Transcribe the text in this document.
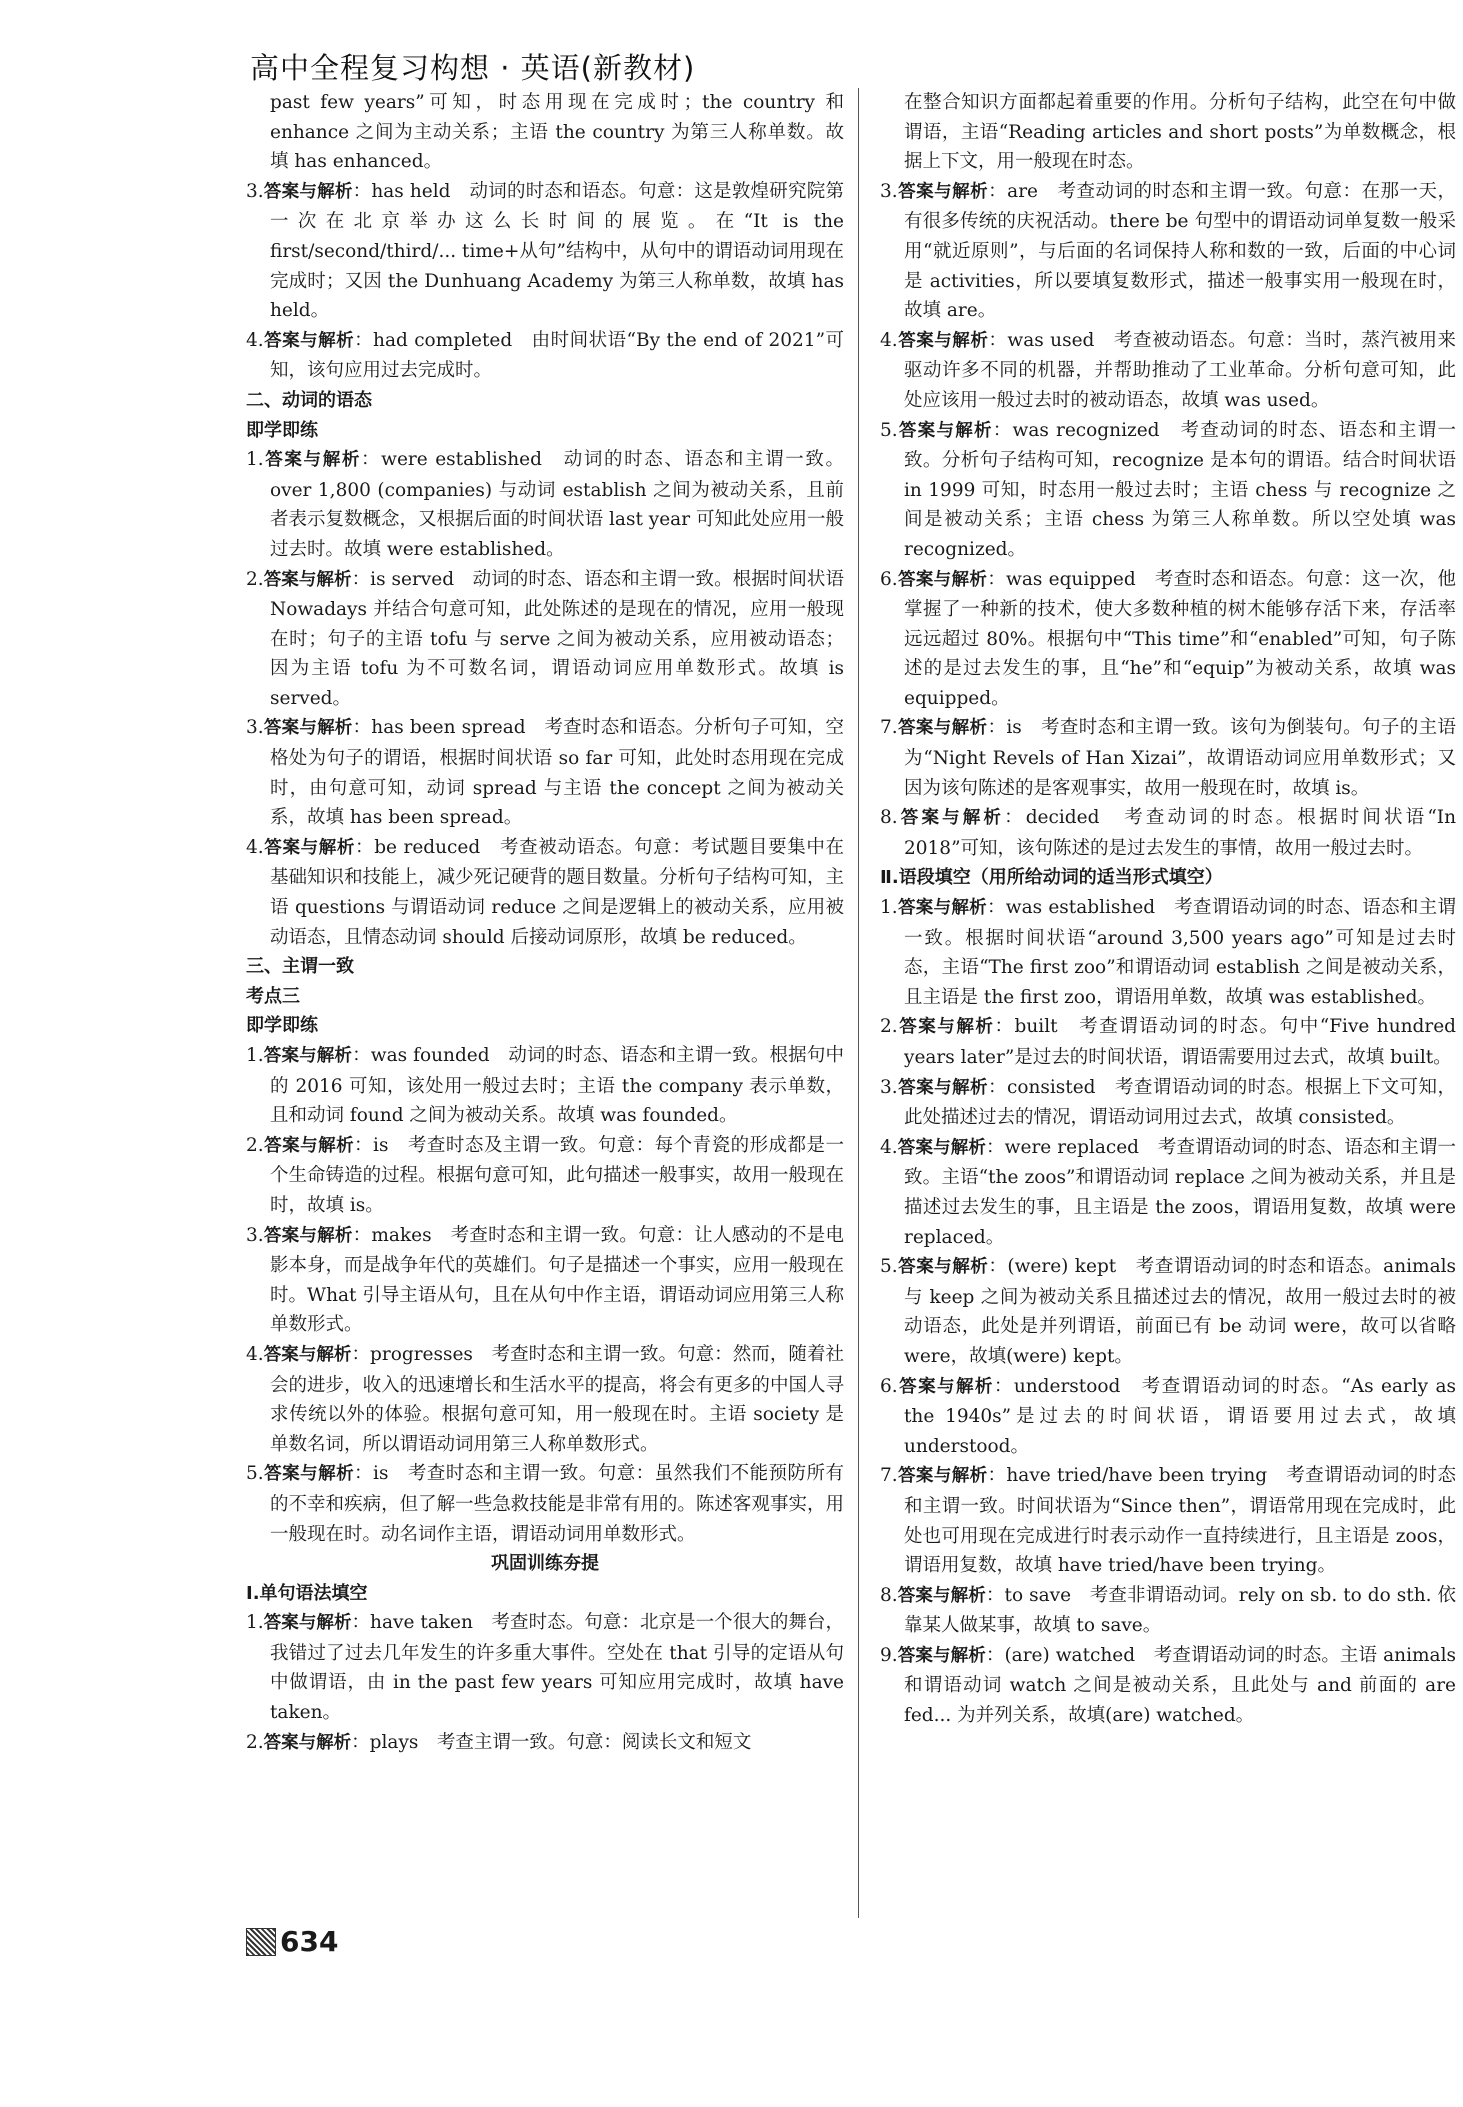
高中全程复习构想 · 英语(新教材)

past few years”可知，时态用现在完成时；the country 和 enhance 之间为主动关系；主语 the country 为第三人称单数。故填 has enhanced。

3.答案与解析：has held　动词的时态和语态。句意：这是敦煌研究院第一次在北京举办这么长时间的展览。在“It is the first/second/third/... time+从句”结构中，从句中的谓语动词用现在完成时；又因 the Dunhuang Academy 为第三人称单数，故填 has held。

4.答案与解析：had completed　由时间状语“By the end of 2021”可知，该句应用过去完成时。

二、动词的语态

即学即练

1.答案与解析：were established　动词的时态、语态和主谓一致。over 1,800 (companies) 与动词 establish 之间为被动关系，且前者表示复数概念，又根据后面的时间状语 last year 可知此处应用一般过去时。故填 were established。

2.答案与解析：is served　动词的时态、语态和主谓一致。根据时间状语 Nowadays 并结合句意可知，此处陈述的是现在的情况，应用一般现在时；句子的主语 tofu 与 serve 之间为被动关系，应用被动语态；因为主语 tofu 为不可数名词，谓语动词应用单数形式。故填 is served。

3.答案与解析：has been spread　考查时态和语态。分析句子可知，空格处为句子的谓语，根据时间状语 so far 可知，此处时态用现在完成时，由句意可知，动词 spread 与主语 the concept 之间为被动关系，故填 has been spread。

4.答案与解析：be reduced　考查被动语态。句意：考试题目要集中在基础知识和技能上，减少死记硬背的题目数量。分析句子结构可知，主语 questions 与谓语动词 reduce 之间是逻辑上的被动关系，应用被动语态，且情态动词 should 后接动词原形，故填 be reduced。

三、主谓一致

考点三

即学即练

1.答案与解析：was founded　动词的时态、语态和主谓一致。根据句中的 2016 可知，该处用一般过去时；主语 the company 表示单数，且和动词 found 之间为被动关系。故填 was founded。

2.答案与解析：is　考查时态及主谓一致。句意：每个青瓷的形成都是一个生命铸造的过程。根据句意可知，此句描述一般事实，故用一般现在时，故填 is。

3.答案与解析：makes　考查时态和主谓一致。句意：让人感动的不是电影本身，而是战争年代的英雄们。句子是描述一个事实，应用一般现在时。What 引导主语从句，且在从句中作主语，谓语动词应用第三人称单数形式。

4.答案与解析：progresses　考查时态和主谓一致。句意：然而，随着社会的进步，收入的迅速增长和生活水平的提高，将会有更多的中国人寻求传统以外的体验。根据句意可知，用一般现在时。主语 society 是单数名词，所以谓语动词用第三人称单数形式。

5.答案与解析：is　考查时态和主谓一致。句意：虽然我们不能预防所有的不幸和疾病，但了解一些急救技能是非常有用的。陈述客观事实，用一般现在时。动名词作主语，谓语动词用单数形式。

巩固训练夯提

Ⅰ.单句语法填空

1.答案与解析：have taken　考查时态。句意：北京是一个很大的舞台，我错过了过去几年发生的许多重大事件。空处在 that 引导的定语从句中做谓语，由 in the past few years 可知应用完成时，故填 have taken。

2.答案与解析：plays　考查主谓一致。句意：阅读长文和短文

在整合知识方面都起着重要的作用。分析句子结构，此空在句中做谓语，主语“Reading articles and short posts”为单数概念，根据上下文，用一般现在时态。

3.答案与解析：are　考查动词的时态和主谓一致。句意：在那一天，有很多传统的庆祝活动。there be 句型中的谓语动词单复数一般采用“就近原则”，与后面的名词保持人称和数的一致，后面的中心词是 activities，所以要填复数形式，描述一般事实用一般现在时，故填 are。

4.答案与解析：was used　考查被动语态。句意：当时，蒸汽被用来驱动许多不同的机器，并帮助推动了工业革命。分析句意可知，此处应该用一般过去时的被动语态，故填 was used。

5.答案与解析：was recognized　考查动词的时态、语态和主谓一致。分析句子结构可知，recognize 是本句的谓语。结合时间状语 in 1999 可知，时态用一般过去时；主语 chess 与 recognize 之间是被动关系；主语 chess 为第三人称单数。所以空处填 was recognized。

6.答案与解析：was equipped　考查时态和语态。句意：这一次，他掌握了一种新的技术，使大多数种植的树木能够存活下来，存活率远远超过 80%。根据句中“This time”和“enabled”可知，句子陈述的是过去发生的事，且“he”和“equip”为被动关系，故填 was equipped。

7.答案与解析：is　考查时态和主谓一致。该句为倒装句。句子的主语为“Night Revels of Han Xizai”，故谓语动词应用单数形式；又因为该句陈述的是客观事实，故用一般现在时，故填 is。

8.答案与解析：decided　考查动词的时态。根据时间状语“In 2018”可知，该句陈述的是过去发生的事情，故用一般过去时。

Ⅱ.语段填空（用所给动词的适当形式填空）

1.答案与解析：was established　考查谓语动词的时态、语态和主谓一致。根据时间状语“around 3,500 years ago”可知是过去时态，主语“The first zoo”和谓语动词 establish 之间是被动关系，且主语是 the first zoo，谓语用单数，故填 was established。

2.答案与解析：built　考查谓语动词的时态。句中“Five hundred years later”是过去的时间状语，谓语需要用过去式，故填 built。

3.答案与解析：consisted　考查谓语动词的时态。根据上下文可知，此处描述过去的情况，谓语动词用过去式，故填 consisted。

4.答案与解析：were replaced　考查谓语动词的时态、语态和主谓一致。主语“the zoos”和谓语动词 replace 之间为被动关系，并且是描述过去发生的事，且主语是 the zoos，谓语用复数，故填 were replaced。

5.答案与解析：(were) kept　考查谓语动词的时态和语态。animals 与 keep 之间为被动关系且描述过去的情况，故用一般过去时的被动语态，此处是并列谓语，前面已有 be 动词 were，故可以省略 were，故填(were) kept。

6.答案与解析：understood　考查谓语动词的时态。“As early as the 1940s”是过去的时间状语，谓语要用过去式，故填 understood。

7.答案与解析：have tried/have been trying　考查谓语动词的时态和主谓一致。时间状语为“Since then”，谓语常用现在完成时，此处也可用现在完成进行时表示动作一直持续进行，且主语是 zoos，谓语用复数，故填 have tried/have been trying。

8.答案与解析：to save　考查非谓语动词。rely on sb. to do sth. 依靠某人做某事，故填 to save。

9.答案与解析：(are) watched　考查谓语动词的时态。主语 animals 和谓语动词 watch 之间是被动关系，且此处与 and 前面的 are fed... 为并列关系，故填(are) watched。

634
